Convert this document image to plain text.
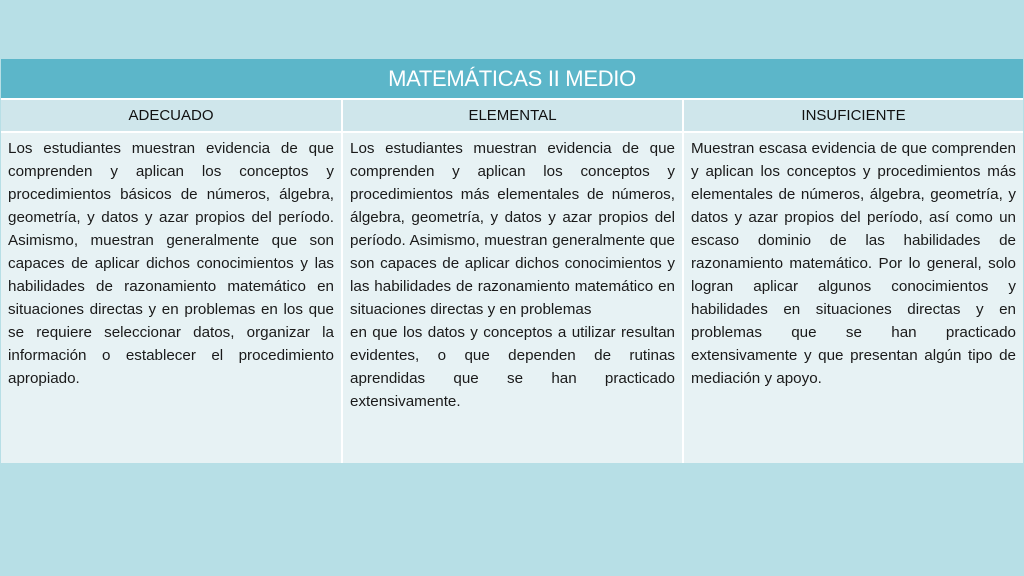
MATEMÁTICAS II MEDIO
ADECUADO	ELEMENTAL	INSUFICIENTE

Los estudiantes muestran evidencia de que comprenden y aplican los conceptos y procedimientos básicos de números, álgebra, geometría, y datos y azar propios del período. Asimismo, muestran generalmente que son capaces de aplicar dichos conocimientos y las habilidades de razonamiento matemático en situaciones directas y en problemas en los que se requiere seleccionar datos, organizar la información o establecer el procedimiento apropiado.

Los estudiantes muestran evidencia de que comprenden y aplican los conceptos y procedimientos más elementales de números, álgebra, geometría, y datos y azar propios del período. Asimismo, muestran generalmente que son capaces de aplicar dichos conocimientos y las habilidades de razonamiento matemático en situaciones directas y en problemas

en que los datos y conceptos a utilizar resultan evidentes, o que dependen de rutinas aprendidas que se han practicado extensivamente.

Muestran escasa evidencia de que comprenden y aplican los conceptos y procedimientos más elementales de números, álgebra, geometría, y datos y azar propios del período, así como un escaso dominio de las habilidades de razonamiento matemático. Por lo general, solo logran aplicar algunos conocimientos y habilidades en situaciones directas y en problemas que se han practicado extensivamente y que presentan algún tipo de mediación y apoyo.
